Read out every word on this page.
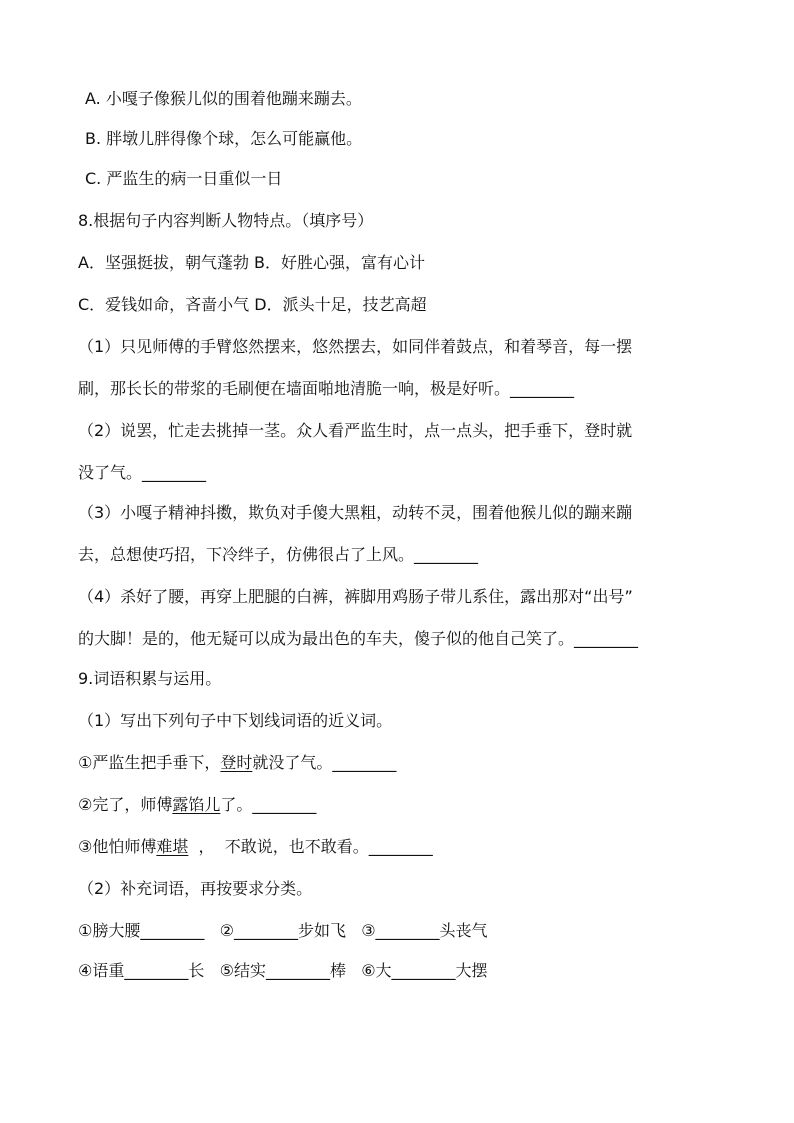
A. 小嘎子像猴儿似的围着他蹦来蹦去。
B. 胖墩儿胖得像个球，怎么可能赢他。
C. 严监生的病一日重似一日
8.根据句子内容判断人物特点。（填序号）
A．坚强挺拔，朝气蓬勃 B．好胜心强，富有心计
C．爱钱如命，吝啬小气 D．派头十足，技艺高超
（1）只见师傅的手臂悠然摆来，悠然摆去，如同伴着鼓点，和着琴音，每一摆
刷，那长长的带浆的毛刷便在墙面啪地清脆一响，极是好听。________
（2）说罢，忙走去挑掉一茎。众人看严监生时，点一点头，把手垂下，登时就
没了气。________
（3）小嘎子精神抖擞，欺负对手傻大黑粗，动转不灵，围着他猴儿似的蹦来蹦
去，总想使巧招，下冷绊子，仿佛很占了上风。________
（4）杀好了腰，再穿上肥腿的白裤，裤脚用鸡肠子带儿系住，露出那对“出号”
的大脚！是的，他无疑可以成为最出色的车夫，傻子似的他自己笑了。________
9.词语积累与运用。
（1）写出下列句子中下划线词语的近义词。
①严监生把手垂下，登时就没了气。________
②完了，师傅露馅儿了。________
③他怕师傅难堪  ，  不敢说，也不敢看。________
（2）补充词语，再按要求分类。
①膀大腰________   ②________步如飞   ③________头丧气
④语重________长   ⑤结实________棒   ⑥大________大摆
